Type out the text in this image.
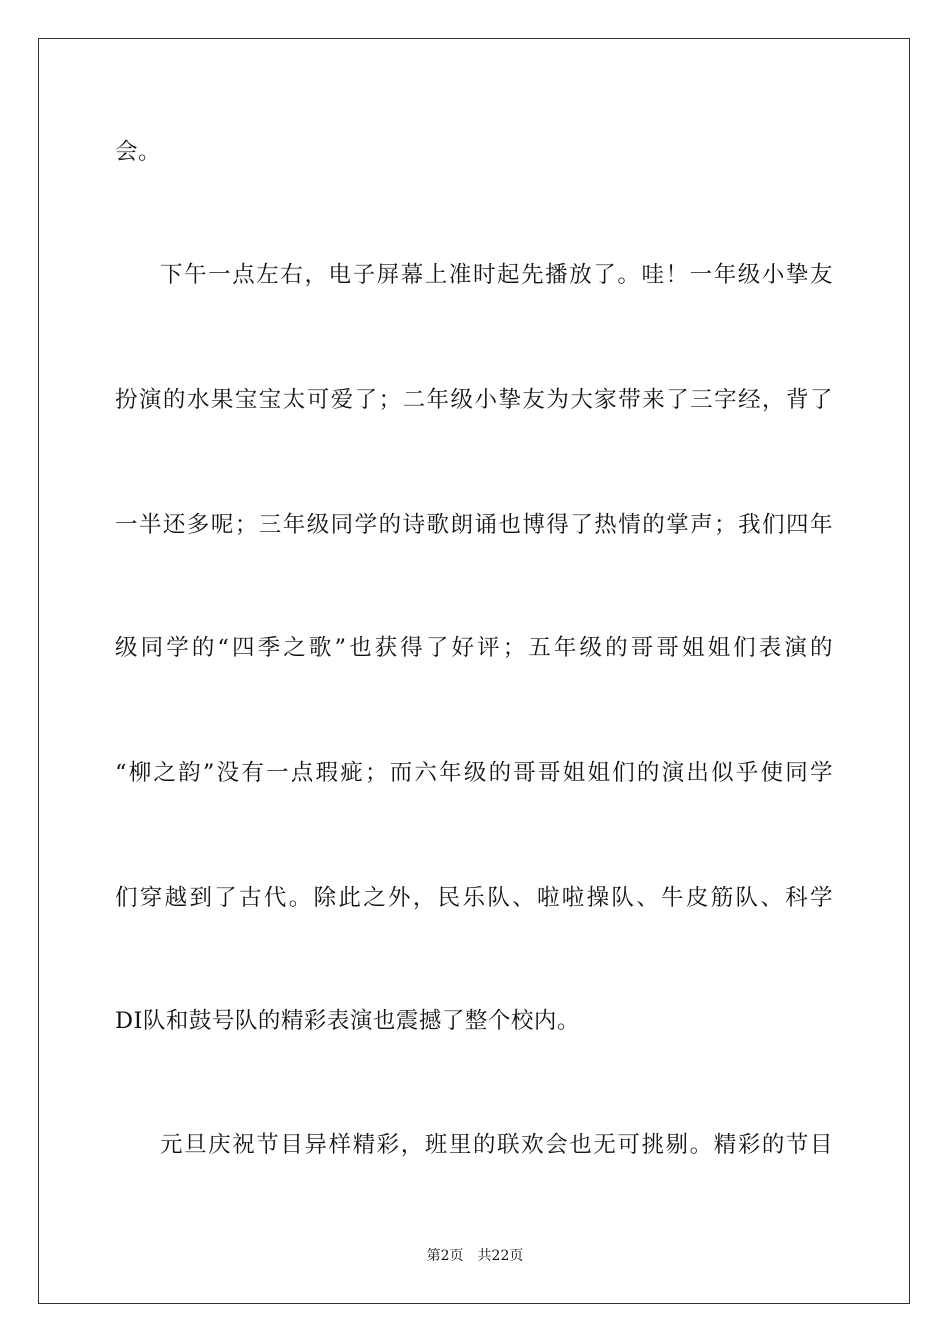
会。
下午一点左右，电子屏幕上准时起先播放了。哇！一年级小挚友
扮演的水果宝宝太可爱了；二年级小挚友为大家带来了三字经，背了
一半还多呢；三年级同学的诗歌朗诵也博得了热情的掌声；我们四年
级同学的“四季之歌”也获得了好评；五年级的哥哥姐姐们表演的
“柳之韵”没有一点瑕疵；而六年级的哥哥姐姐们的演出似乎使同学
们穿越到了古代。除此之外，民乐队、啦啦操队、牛皮筋队、科学
DI队和鼓号队的精彩表演也震撼了整个校内。
元旦庆祝节目异样精彩，班里的联欢会也无可挑剔。精彩的节目
第2页　共22页
